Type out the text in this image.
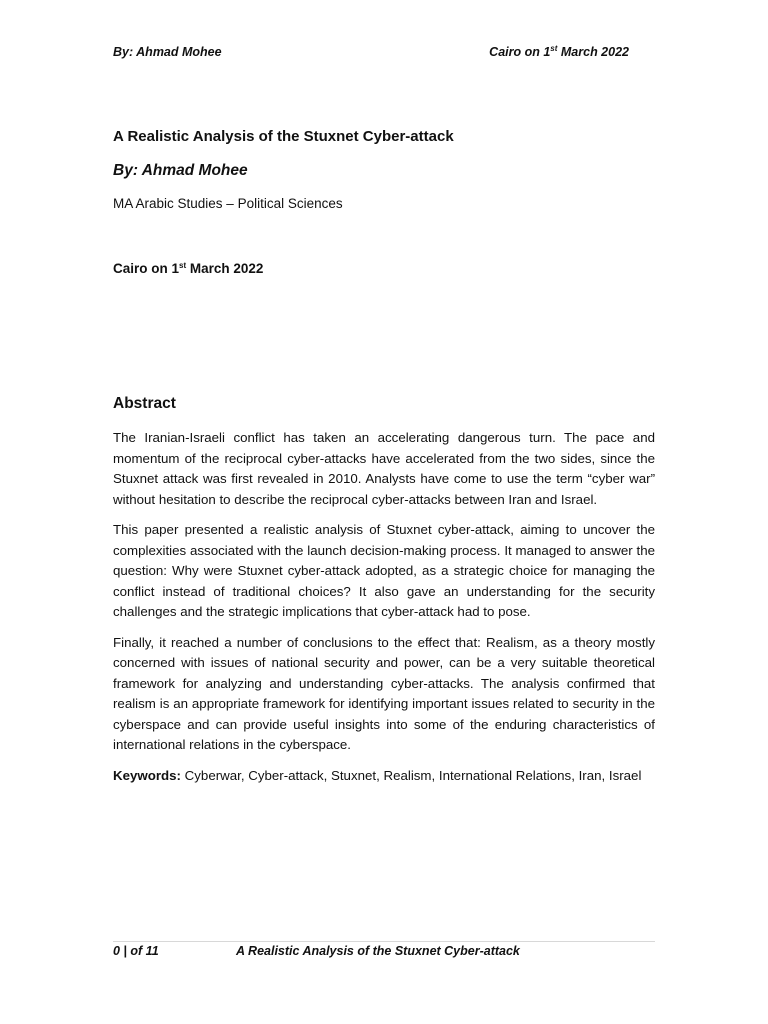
By: Ahmad Mohee	Cairo on 1st March 2022
A Realistic Analysis of the Stuxnet Cyber-attack
By: Ahmad Mohee
MA Arabic Studies – Political Sciences
Cairo on 1st March 2022
Abstract

The Iranian-Israeli conflict has taken an accelerating dangerous turn. The pace and momentum of the reciprocal cyber-attacks have accelerated from the two sides, since the Stuxnet attack was first revealed in 2010. Analysts have come to use the term “cyber war” without hesitation to describe the reciprocal cyber-attacks between Iran and Israel.

This paper presented a realistic analysis of Stuxnet cyber-attack, aiming to uncover the complexities associated with the launch decision-making process. It managed to answer the question: Why were Stuxnet cyber-attack adopted, as a strategic choice for managing the conflict instead of traditional choices? It also gave an understanding for the security challenges and the strategic implications that cyber-attack had to pose.

Finally, it reached a number of conclusions to the effect that: Realism, as a theory mostly concerned with issues of national security and power, can be a very suitable theoretical framework for analyzing and understanding cyber-attacks. The analysis confirmed that realism is an appropriate framework for identifying important issues related to security in the cyberspace and can provide useful insights into some of the enduring characteristics of international relations in the cyberspace.

Keywords: Cyberwar, Cyber-attack, Stuxnet, Realism, International Relations, Iran, Israel

0 | of 11	A Realistic Analysis of the Stuxnet Cyber-attack
